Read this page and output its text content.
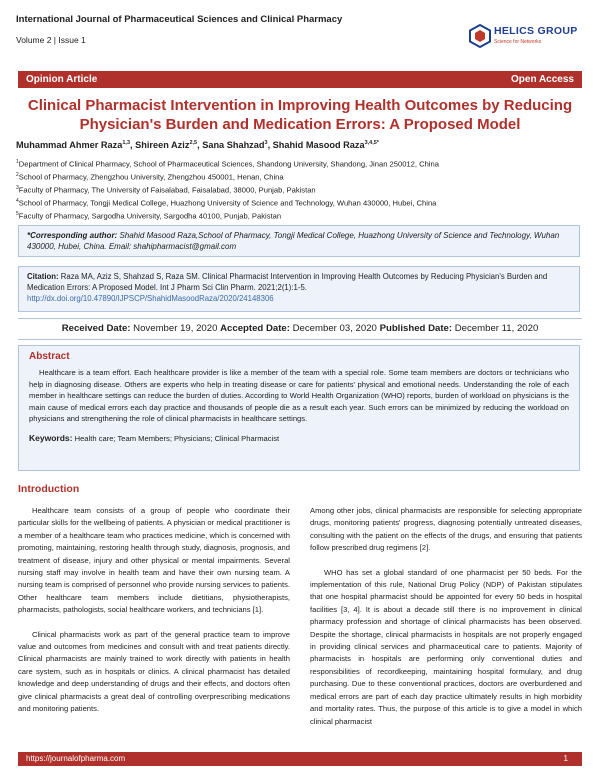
International Journal of Pharmaceutical Sciences and Clinical Pharmacy
Volume 2 | Issue 1
HELICS GROUP
Science for Networks
Opinion Article	Open Access
Clinical Pharmacist Intervention in Improving Health Outcomes by Reducing Physician's Burden and Medication Errors: A Proposed Model
Muhammad Ahmer Raza$^{1,3}$, Shireen Aziz$^{2,5}$, Sana Shahzad$^3$, Shahid Masood Raza$^{3,4,5*}$
$^1$Department of Clinical Pharmacy, School of Pharmaceutical Sciences, Shandong University, Shandong, Jinan 250012, China
$^2$School of Pharmacy, Zhengzhou University, Zhengzhou 450001, Henan, China
$^3$Faculty of Pharmacy, The University of Faisalabad, Faisalabad, 38000, Punjab, Pakistan
$^4$School of Pharmacy, Tongji Medical College, Huazhong University of Science and Technology, Wuhan 430000, Hubei, China
$^5$Faculty of Pharmacy, Sargodha University, Sargodha 40100, Punjab, Pakistan
*Corresponding author: Shahid Masood Raza,School of Pharmacy, Tongji Medical College, Huazhong University of Science and Technology, Wuhan 430000, Hubei, China. Email: shahipharmacist@gmail.com
Citation: Raza MA, Aziz S, Shahzad S, Raza SM. Clinical Pharmacist Intervention in Improving Health Outcomes by Reducing Physician's Burden and Medication Errors: A Proposed Model. Int J Pharm Sci Clin Pharm. 2021;2(1):1-5.
http://dx.doi.org/10.47890/IJPSCP/ShahidMasoodRaza/2020/24148306
Received Date: November 19, 2020 Accepted Date: December 03, 2020 Published Date: December 11, 2020
Abstract
Healthcare is a team effort. Each healthcare provider is like a member of the team with a special role. Some team members are doctors or technicians who help in diagnosing disease. Others are experts who help in treating disease or care for patients' physical and emotional needs. Understanding the role of each member in healthcare settings can reduce the burden of duties. According to World Health Organization (WHO) reports, burden of workload on physicians is the main cause of medical errors each day practice and thousands of people die as a result each year. Such errors can be minimized by reducing the workload on physicians and strengthening the role of clinical pharmacists in healthcare settings.
Keywords: Health care; Team Members; Physicians; Clinical Pharmacist
Introduction

Healthcare team consists of a group of people who coordinate their particular skills for the wellbeing of patients. A physician or medical practitioner is a member of a healthcare team who practices medicine, which is concerned with promoting, maintaining, restoring health through study, diagnosis, prognosis, and treatment of disease, injury and other physical or mental impairments. Several nursing staff may involve in health team and have their own nursing team. A nursing team is comprised of personnel who provide nursing services to patients. Other healthcare team members include dietitians, physiotherapists, pharmacists, pathologists, social healthcare workers, and technicians [1].

Clinical pharmacists work as part of the general practice team to improve value and outcomes from medicines and consult with and treat patients directly. Clinical pharmacists are mainly trained to work directly with patients in health care system, such as in hospitals or clinics. A clinical pharmacist has detailed knowledge and deep understanding of drugs and their effects, and doctors often give clinical pharmacists a great deal of controlling overprescribing medications and monitoring patients.

Among other jobs, clinical pharmacists are responsible for selecting appropriate drugs, monitoring patients' progress, diagnosing potentially untreated diseases, consulting with the patient on the effects of the drugs, and ensuring that patients follow prescribed drug regimens [2].

WHO has set a global standard of one pharmacist per 50 beds. For the implementation of this rule, National Drug Policy (NDP) of Pakistan stipulates that one hospital pharmacist should be appointed for every 50 beds in hospital facilities [3, 4]. It is about a decade still there is no improvement in clinical pharmacy profession and shortage of clinical pharmacists has been observed. Despite the shortage, clinical pharmacists in hospitals are not properly engaged in providing clinical services and pharmaceutical care to patients. Majority of pharmacists in hospitals are performing only conventional duties and responsibilities of recordkeeping, maintaining hospital formulary, and drug purchasing. Due to these conventional practices, doctors are overburdened and medical errors are part of each day practice ultimately results in high morbidity and mortality rates. Thus, the purpose of this article is to give a model in which clinical pharmacist

https://journalofpharma.com	1
